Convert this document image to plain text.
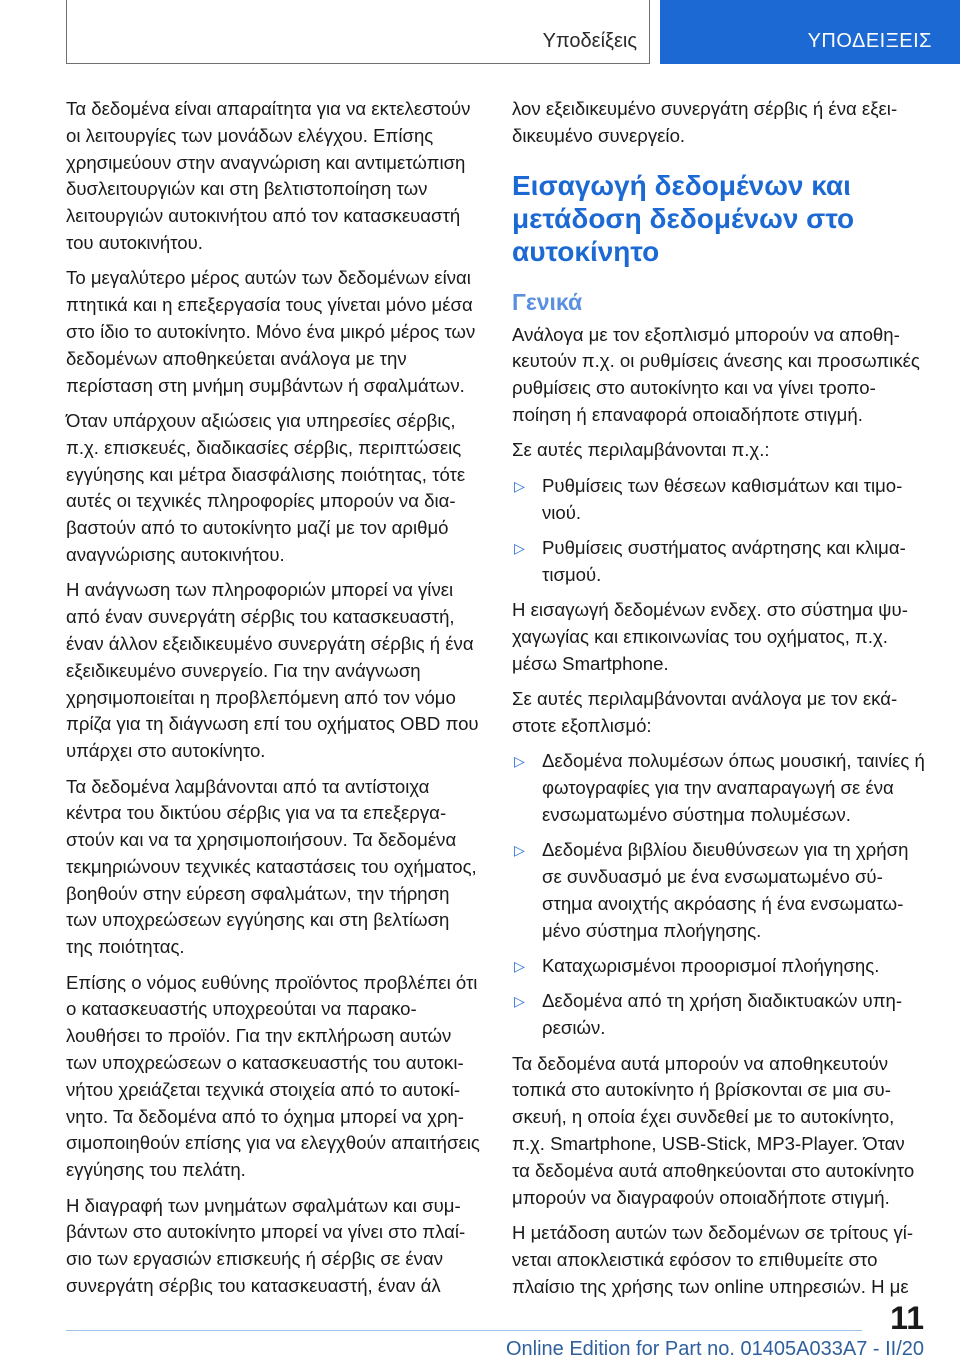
Υποδείξεις	ΥΠΟΔΕΙΞΕΙΣ

Τα δεδομένα είναι απαραίτητα για να εκτελεστούν οι λειτουργίες των μονάδων ελέγχου. Επίσης χρησιμεύουν στην αναγνώριση και αντιμετώπιση δυσλειτουργιών και στη βελτιστοποίηση των λειτουργιών αυτοκινήτου από τον κατασκευαστή του αυτοκινήτου.

Το μεγαλύτερο μέρος αυτών των δεδομένων είναι πτητικά και η επεξεργασία τους γίνεται μόνο μέσα στο ίδιο το αυτοκίνητο. Μόνο ένα μικρό μέρος των δεδομένων αποθηκεύεται ανάλογα με την περίσταση στη μνήμη συμβάντων ή σφαλμάτων.

Όταν υπάρχουν αξιώσεις για υπηρεσίες σέρβις, π.χ. επισκευές, διαδικασίες σέρβις, περιπτώσεις εγγύησης και μέτρα διασφάλισης ποιότητας, τότε αυτές οι τεχνικές πληροφορίες μπορούν να διαβαστούν από το αυτοκίνητο μαζί με τον αριθμό αναγνώρισης αυτοκινήτου.

Η ανάγνωση των πληροφοριών μπορεί να γίνει από έναν συνεργάτη σέρβις του κατασκευαστή, έναν άλλον εξειδικευμένο συνεργάτη σέρβις ή ένα εξειδικευμένο συνεργείο. Για την ανάγνωση χρησιμοποιείται η προβλεπόμενη από τον νόμο πρίζα για τη διάγνωση επί του οχήματος OBD που υπάρχει στο αυτοκίνητο.

Τα δεδομένα λαμβάνονται από τα αντίστοιχα κέντρα του δικτύου σέρβις για να τα επεξεργαστούν και να τα χρησιμοποιήσουν. Τα δεδομένα τεκμηριώνουν τεχνικές καταστάσεις του οχήματος, βοηθούν στην εύρεση σφαλμάτων, την τήρηση των υποχρεώσεων εγγύησης και στη βελτίωση της ποιότητας.

Επίσης ο νόμος ευθύνης προϊόντος προβλέπει ότι ο κατασκευαστής υποχρεούται να παρακολουθήσει το προϊόν. Για την εκπλήρωση αυτών των υποχρεώσεων ο κατασκευαστής του αυτοκινήτου χρειάζεται τεχνικά στοιχεία από το αυτοκίνητο. Τα δεδομένα από το όχημα μπορεί να χρησιμοποιηθούν επίσης για να ελεγχθούν απαιτήσεις εγγύησης του πελάτη.

Η διαγραφή των μνημάτων σφαλμάτων και συμβάντων στο αυτοκίνητο μπορεί να γίνει στο πλαίσιο των εργασιών επισκευής ή σέρβις σε έναν συνεργάτη σέρβις του κατασκευαστή, έναν άλ

λον εξειδικευμένο συνεργάτη σέρβις ή ένα εξειδικευμένο συνεργείο.

Εισαγωγή δεδομένων και μετάδοση δεδομένων στο αυτοκίνητο
Γενικά

Ανάλογα με τον εξοπλισμό μπορούν να αποθηκευτούν π.χ. οι ρυθμίσεις άνεσης και προσωπικές ρυθμίσεις στο αυτοκίνητο και να γίνει τροποποίηση ή επαναφορά οποιαδήποτε στιγμή.

Σε αυτές περιλαμβάνονται π.χ.:

▷ Ρυθμίσεις των θέσεων καθισμάτων και τιμονιού.
▷ Ρυθμίσεις συστήματος ανάρτησης και κλιματισμού.

Η εισαγωγή δεδομένων ενδεχ. στο σύστημα ψυχαγωγίας και επικοινωνίας του οχήματος, π.χ. μέσω Smartphone.

Σε αυτές περιλαμβάνονται ανάλογα με τον εκάστοτε εξοπλισμό:

▷ Δεδομένα πολυμέσων όπως μουσική, ταινίες ή φωτογραφίες για την αναπαραγωγή σε ένα ενσωματωμένο σύστημα πολυμέσων.
▷ Δεδομένα βιβλίου διευθύνσεων για τη χρήση σε συνδυασμό με ένα ενσωματωμένο σύστημα ανοιχτής ακρόασης ή ένα ενσωματωμένο σύστημα πλοήγησης.
▷ Καταχωρισμένοι προορισμοί πλοήγησης.
▷ Δεδομένα από τη χρήση διαδικτυακών υπηρεσιών.

Τα δεδομένα αυτά μπορούν να αποθηκευτούν τοπικά στο αυτοκίνητο ή βρίσκονται σε μια συσκευή, η οποία έχει συνδεθεί με το αυτοκίνητο, π.χ. Smartphone, USB-Stick, MP3-Player. Όταν τα δεδομένα αυτά αποθηκεύονται στο αυτοκίνητο μπορούν να διαγραφούν οποιαδήποτε στιγμή.

Η μετάδοση αυτών των δεδομένων σε τρίτους γίνεται αποκλειστικά εφόσον το επιθυμείτε στο πλαίσιο της χρήσης των online υπηρεσιών. Η με

11
Online Edition for Part no. 01405A033A7 - II/20
